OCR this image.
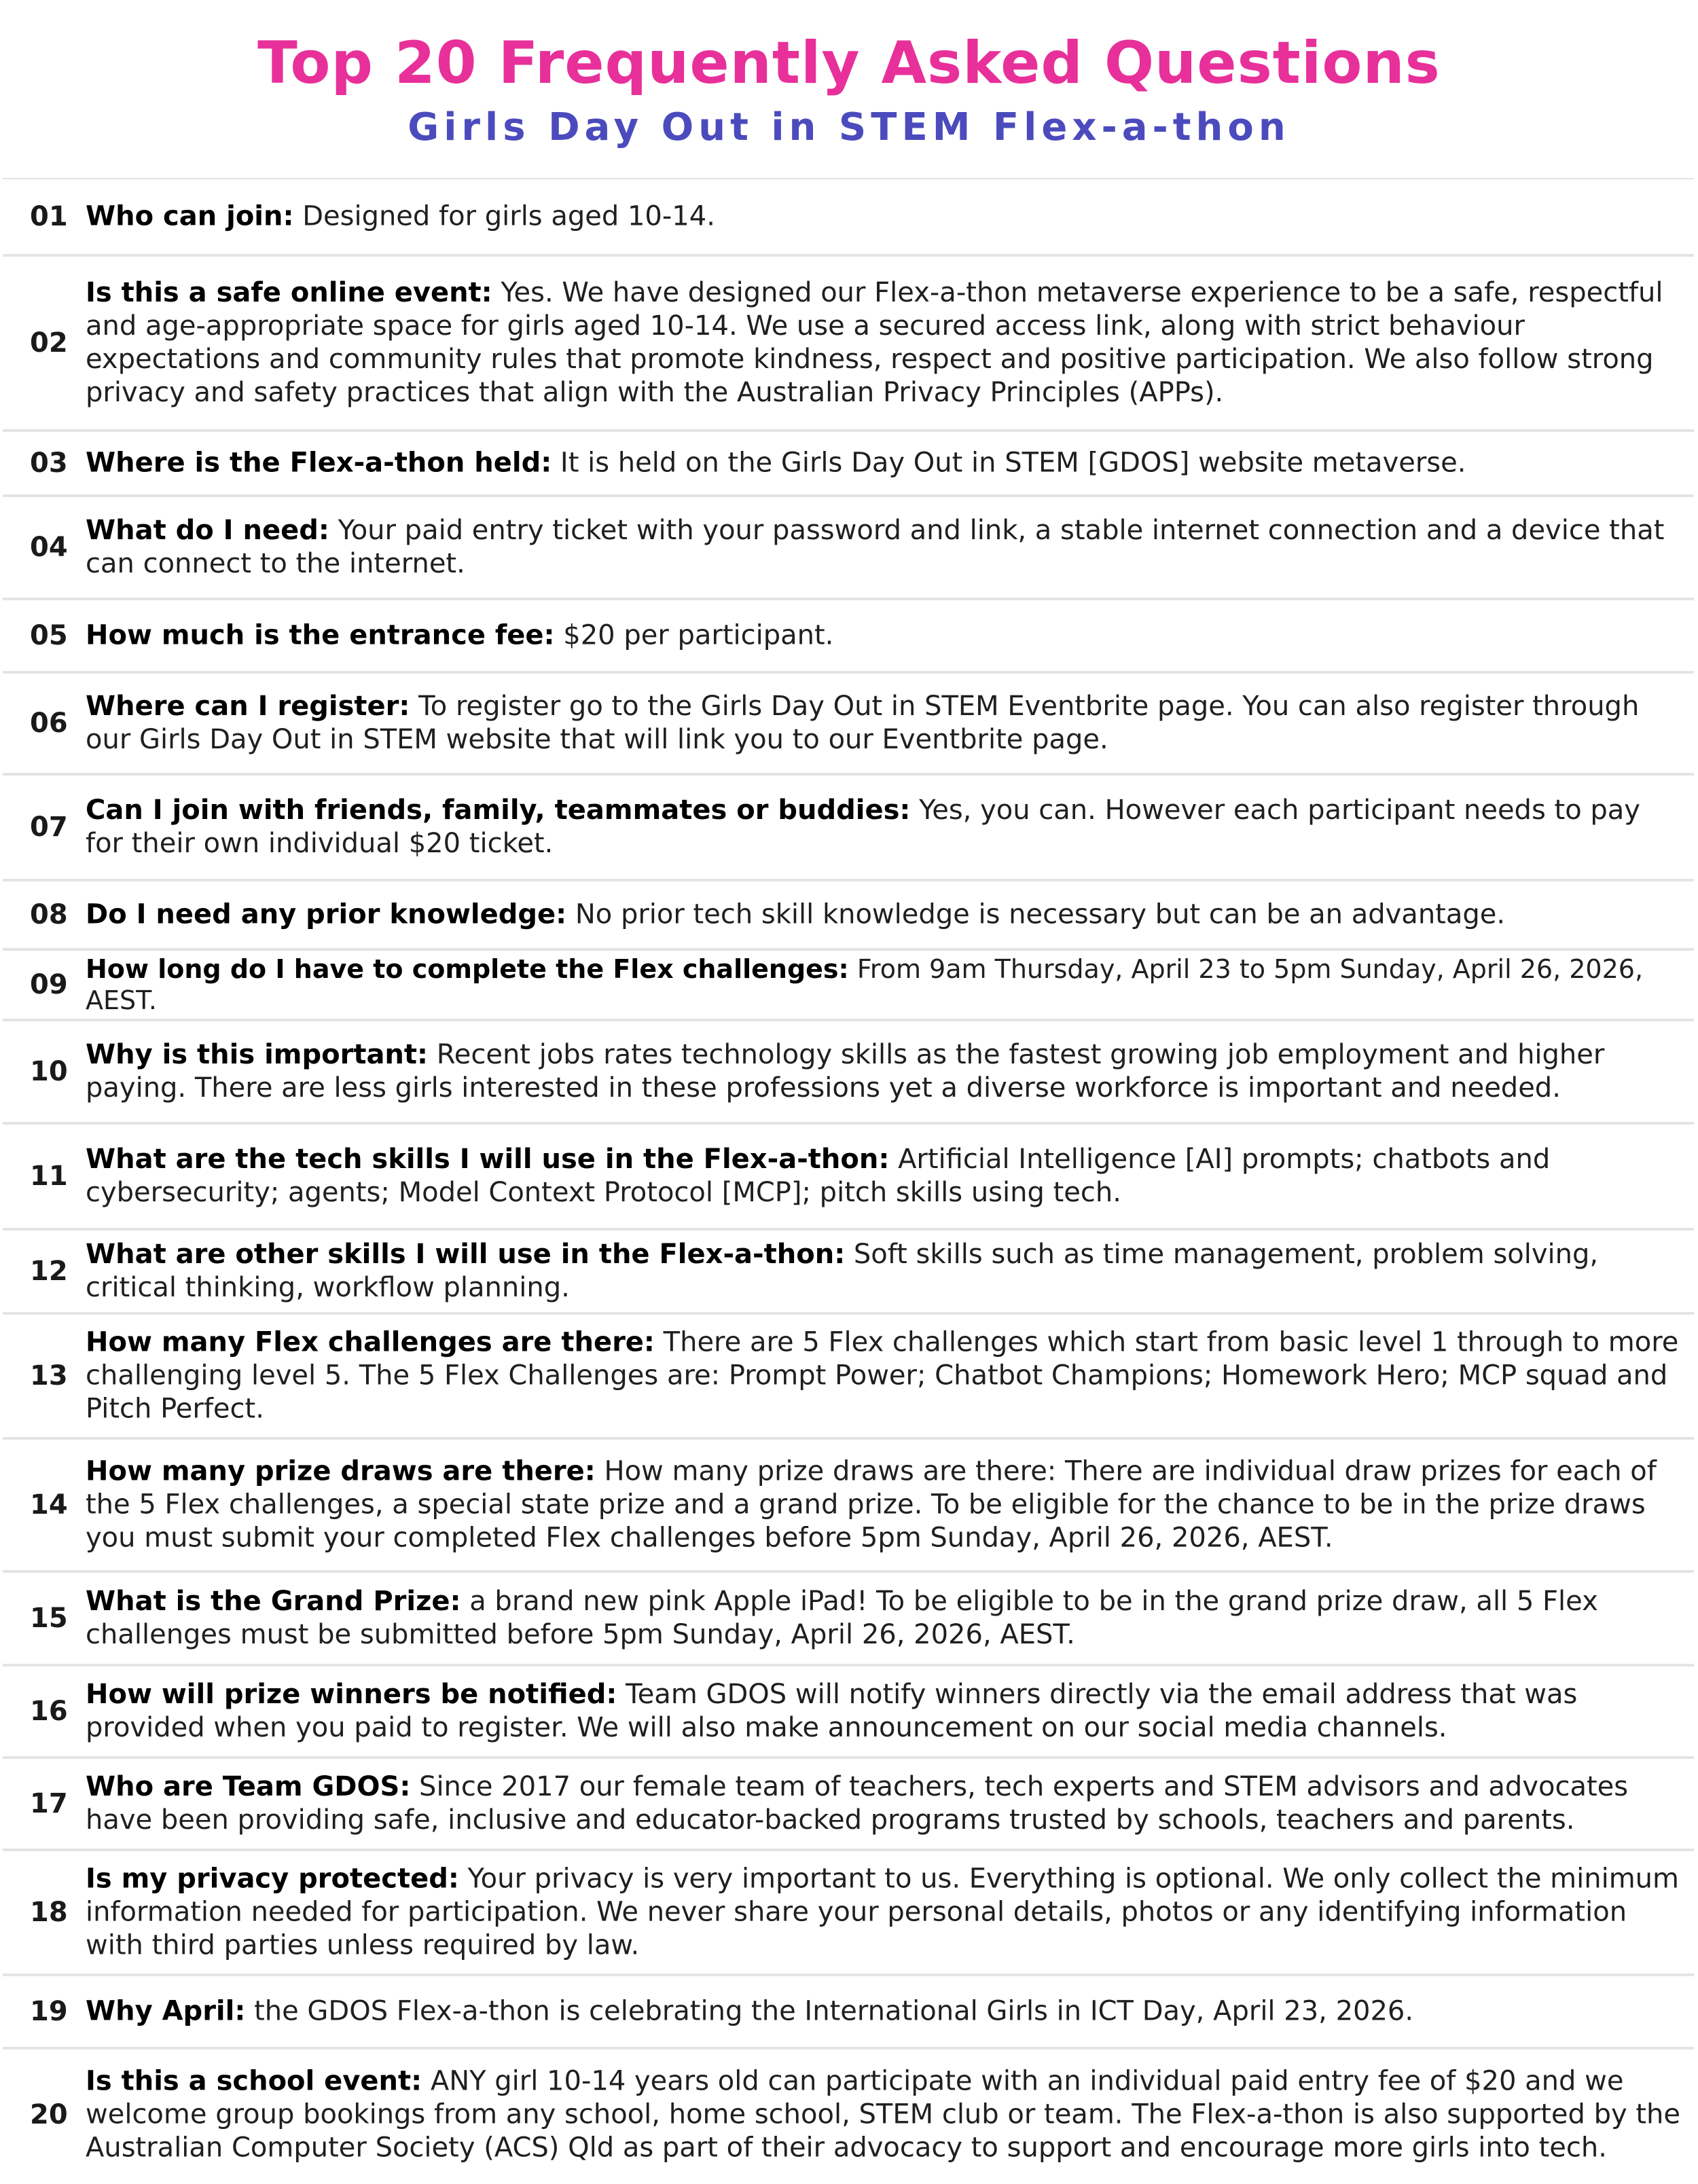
Top 20 Frequently Asked Questions
Girls Day Out in STEM Flex-a-thon
01 Who can join: Designed for girls aged 10-14.
02
Is this a safe online event: Yes. We have designed our Flex-a-thon metaverse experience to be a safe, respectful and age-appropriate space for girls aged 10-14. We use a secured access link, along with strict behaviour expectations and community rules that promote kindness, respect and positive participation. We also follow strong privacy and safety practices that align with the Australian Privacy Principles (APPs).
03 Where is the Flex-a-thon held: It is held on the Girls Day Out in STEM [GDOS] website metaverse.
04
What do I need: Your paid entry ticket with your password and link, a stable internet connection and a device that can connect to the internet.
05 How much is the entrance fee: $20 per participant.
06
Where can I register: To register go to the Girls Day Out in STEM Eventbrite page. You can also register through our Girls Day Out in STEM website that will link you to our Eventbrite page.
07
Can I join with friends, family, teammates or buddies: Yes, you can. However each participant needs to pay for their own individual $20 ticket.
08 Do I need any prior knowledge: No prior tech skill knowledge is necessary but can be an advantage.
09 How long do I have to complete the Flex challenges: From 9am Thursday, April 23 to 5pm Sunday, April 26, 2026, AEST.
10
Why is this important: Recent jobs rates technology skills as the fastest growing job employment and higher paying. There are less girls interested in these professions yet a diverse workforce is important and needed.
11
What are the tech skills I will use in the Flex-a-thon: Artificial Intelligence [AI] prompts; chatbots and cybersecurity; agents; Model Context Protocol [MCP]; pitch skills using tech.
12
What are other skills I will use in the Flex-a-thon: Soft skills such as time management, problem solving, critical thinking, workflow planning.
13
How many Flex challenges are there: There are 5 Flex challenges which start from basic level 1 through to more challenging level 5. The 5 Flex Challenges are: Prompt Power; Chatbot Champions; Homework Hero; MCP squad and Pitch Perfect.
14
How many prize draws are there: How many prize draws are there: There are individual draw prizes for each of the 5 Flex challenges, a special state prize and a grand prize. To be eligible for the chance to be in the prize draws you must submit your completed Flex challenges before 5pm Sunday, April 26, 2026, AEST.
15
What is the Grand Prize: a brand new pink Apple iPad! To be eligible to be in the grand prize draw, all 5 Flex challenges must be submitted before 5pm Sunday, April 26, 2026, AEST.
16
How will prize winners be notified: Team GDOS will notify winners directly via the email address that was provided when you paid to register. We will also make announcement on our social media channels.
17
Who are Team GDOS: Since 2017 our female team of teachers, tech experts and STEM advisors and advocates have been providing safe, inclusive and educator-backed programs trusted by schools, teachers and parents.
18
Is my privacy protected: Your privacy is very important to us. Everything is optional. We only collect the minimum information needed for participation. We never share your personal details, photos or any identifying information with third parties unless required by law.
19 Why April: the GDOS Flex-a-thon is celebrating the International Girls in ICT Day, April 23, 2026.
20
Is this a school event: ANY girl 10-14 years old can participate with an individual paid entry fee of $20 and we welcome group bookings from any school, home school, STEM club or team. The Flex-a-thon is also supported by the Australian Computer Society (ACS) Qld as part of their advocacy to support and encourage more girls into tech.
